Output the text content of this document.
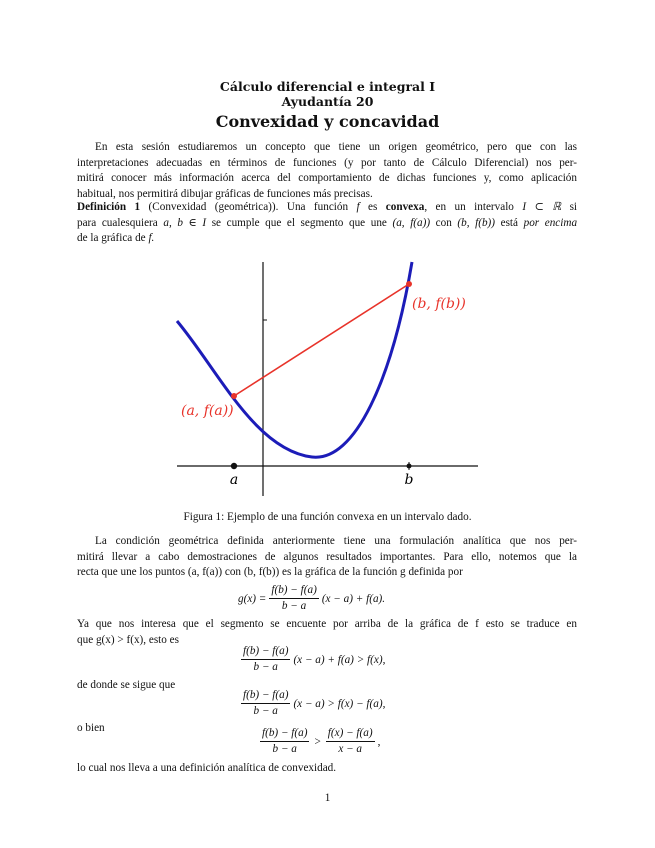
Cálculo diferencial e integral I
Ayudantía 20
Convexidad y concavidad
En esta sesión estudiaremos un concepto que tiene un origen geométrico, pero que con las
interpretaciones adecuadas en términos de funciones (y por tanto de Cálculo Diferencial) nos per-
mitirá conocer más información acerca del comportamiento de dichas funciones y, como aplicación
habitual, nos permitirá dibujar gráficas de funciones más precisas.
Definición 1 (Convexidad (geométrica)). Una función f es convexa, en un intervalo I ⊂ ℝ si
para cualesquiera a, b ∈ I se cumple que el segmento que une (a, f(a)) con (b, f(b)) está por encima
de la gráfica de f.
a	b
(a, f(a))
(b, f(b))
Figura 1: Ejemplo de una función convexa en un intervalo dado.
La condición geométrica definida anteriormente tiene una formulación analítica que nos per-
mitirá llevar a cabo demostraciones de algunos resultados importantes. Para ello, notemos que la
recta que une los puntos (a, f(a)) con (b, f(b)) es la gráfica de la función g definida por
$g(x) = \frac{f(b) - f(a)}{b - a} (x - a) + f(a)$.
Ya que nos interesa que el segmento se encuente por arriba de la gráfica de f esto se traduce en
que g(x) > f(x), esto es
$\frac{f(b) - f(a)}{b - a} (x - a) + f(a) > f(x)$,
de donde se sigue que
$\frac{f(b) - f(a)}{b - a} (x - a) > f(x) - f(a)$,
o bien	$\frac{f(b) - f(a)}{b - a} > \frac{f(x) - f(a)}{x - a}$ ,
lo cual nos lleva a una definición analítica de convexidad.
1
